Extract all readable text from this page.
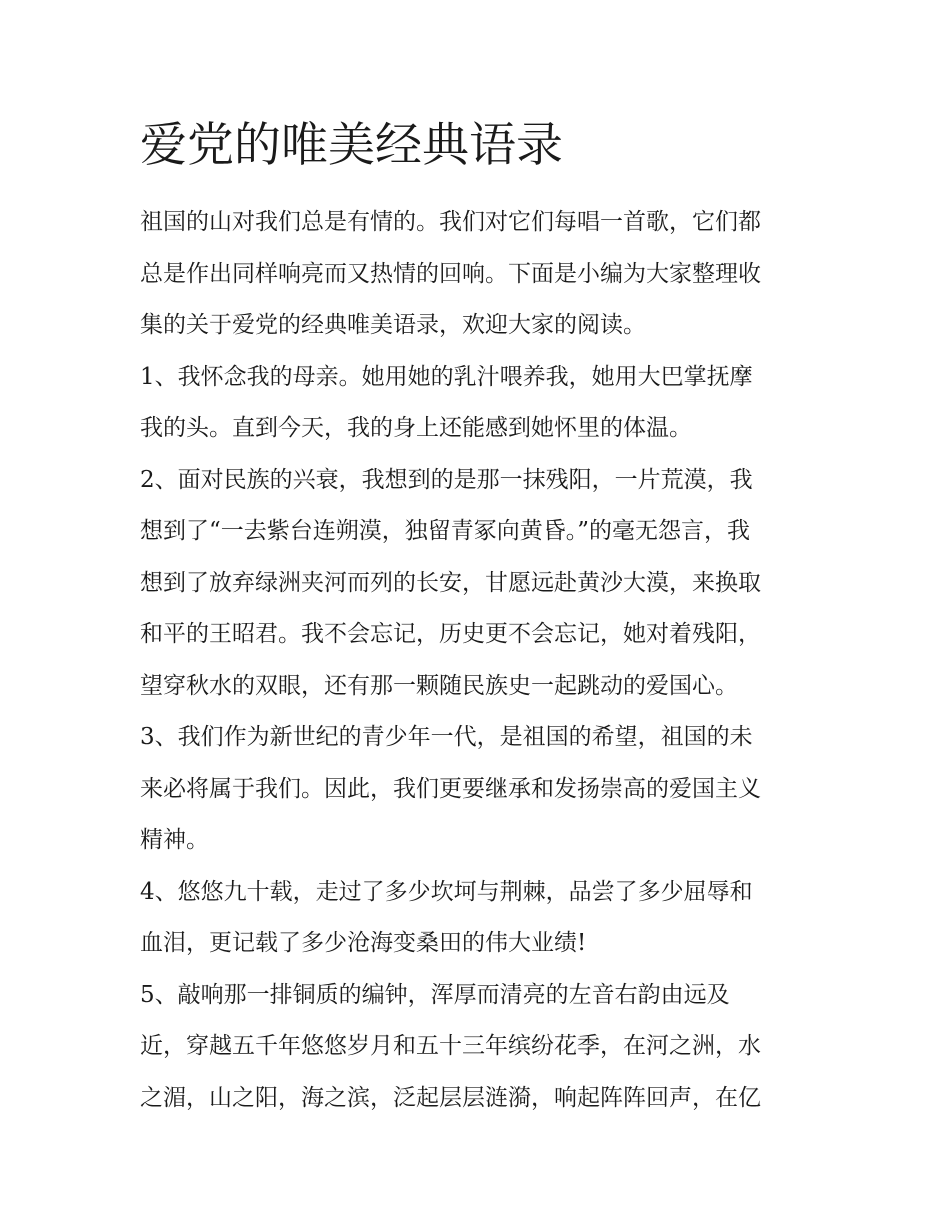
爱党的唯美经典语录
祖国的山对我们总是有情的。我们对它们每唱一首歌，它们都
总是作出同样响亮而又热情的回响。下面是小编为大家整理收
集的关于爱党的经典唯美语录，欢迎大家的阅读。
1、我怀念我的母亲。她用她的乳汁喂养我，她用大巴掌抚摩
我的头。直到今天，我的身上还能感到她怀里的体温。
2、面对民族的兴衰，我想到的是那一抹残阳，一片荒漠，我
想到了“一去紫台连朔漠，独留青冢向黄昏。”的毫无怨言，我
想到了放弃绿洲夹河而列的长安，甘愿远赴黄沙大漠，来换取
和平的王昭君。我不会忘记，历史更不会忘记，她对着残阳，
望穿秋水的双眼，还有那一颗随民族史一起跳动的爱国心。
3、我们作为新世纪的青少年一代，是祖国的希望，祖国的未
来必将属于我们。因此，我们更要继承和发扬崇高的爱国主义
精神。
4、悠悠九十载，走过了多少坎坷与荆棘，品尝了多少屈辱和
血泪，更记载了多少沧海变桑田的伟大业绩!
5、敲响那一排铜质的编钟，浑厚而清亮的左音右韵由远及
近，穿越五千年悠悠岁月和五十三年缤纷花季，在河之洲，水
之湄，山之阳，海之滨，泛起层层涟漪，响起阵阵回声，在亿
